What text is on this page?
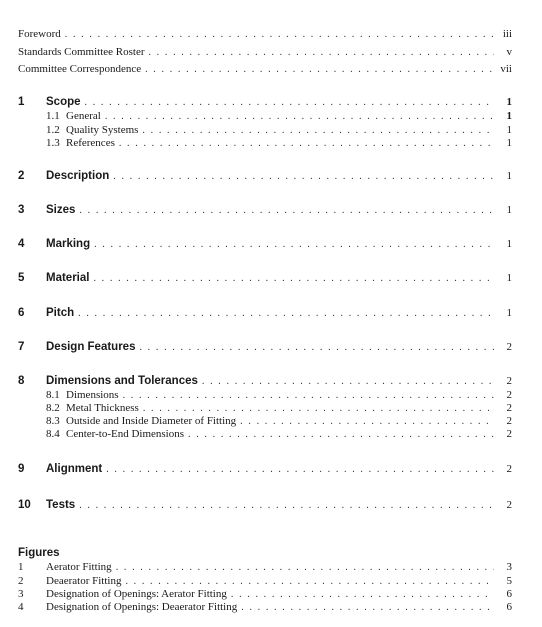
Foreword . . .	iii
Standards Committee Roster . . .	v
Committee Correspondence . . .	vii
1	Scope . . .	1
1.1 General . . .	1
1.2 Quality Systems . . .	1
1.3 References . . .	1
2	Description . . .	1
3	Sizes . . .	1
4	Marking . . .	1
5	Material . . .	1
6	Pitch . . .	1
7	Design Features . . .	2
8	Dimensions and Tolerances . . .	2
8.1 Dimensions . . .	2
8.2 Metal Thickness . . .	2
8.3 Outside and Inside Diameter of Fitting . . .	2
8.4 Center-to-End Dimensions . . .	2
9	Alignment . . .	2
10	Tests . . .	2
Figures
1	Aerator Fitting . . .	3
2	Deaerator Fitting . . .	5
3	Designation of Openings: Aerator Fitting . . .	6
4	Designation of Openings: Deaerator Fitting . . .	6
